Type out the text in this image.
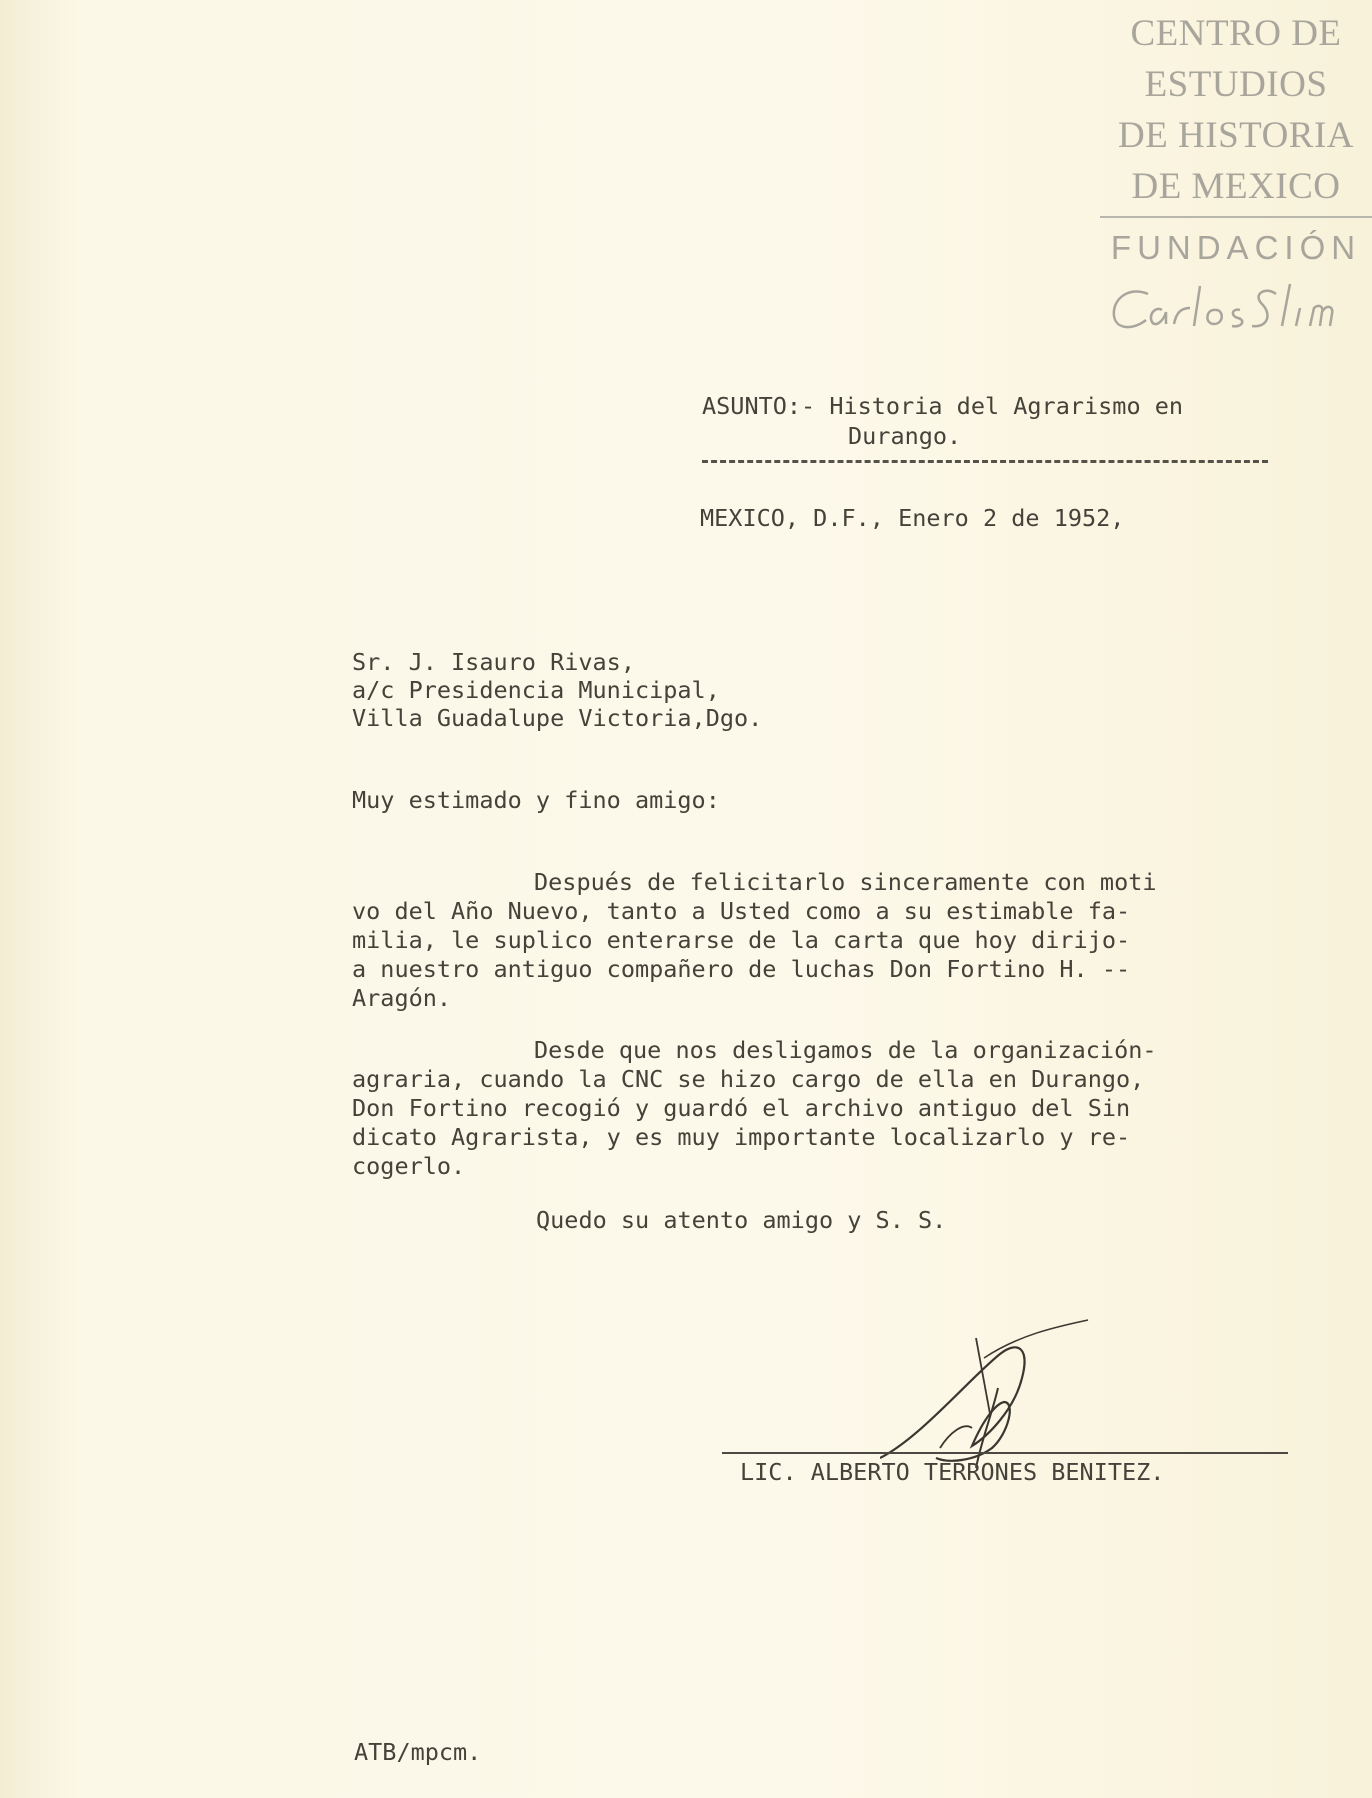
CENTRO DE
ESTUDIOS
DE HISTORIA
DE MEXICO
FUNDACIÓN
ASUNTO:- Historia del Agrarismo en
Durango.
MEXICO, D.F., Enero 2 de 1952,
Sr. J. Isauro Rivas,
a/c Presidencia Municipal,
Villa Guadalupe Victoria,Dgo.
Muy estimado y fino amigo:
Después de felicitarlo sinceramente con moti
vo del Año Nuevo, tanto a Usted como a su estimable fa-
milia, le suplico enterarse de la carta que hoy dirijo-
a nuestro antiguo compañero de luchas Don Fortino H. --
Aragón.
Desde que nos desligamos de la organización-
agraria, cuando la CNC se hizo cargo de ella en Durango,
Don Fortino recogió y guardó el archivo antiguo del Sin
dicato Agrarista, y es muy importante localizarlo y re-
cogerlo.
Quedo su atento amigo y S. S.
LIC. ALBERTO TERRONES BENITEZ.
ATB/mpcm.
